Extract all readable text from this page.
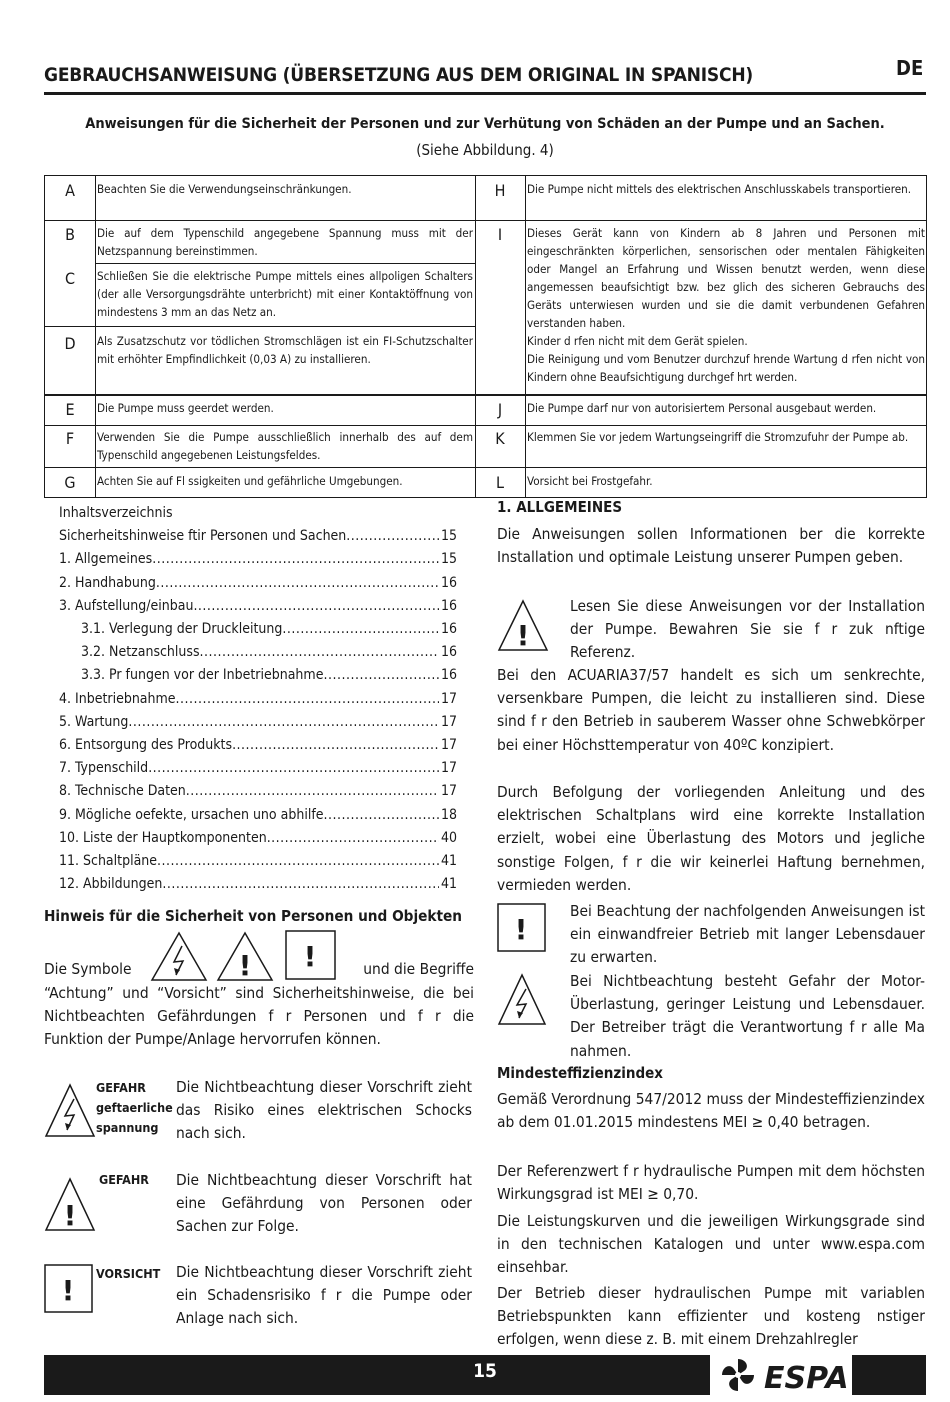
DE
GEBRAUCHSANWEISUNG (ÜBERSETZUNG AUS DEM ORIGINAL IN SPANISCH)
Anweisungen für die Sicherheit der Personen und zur Verhütung von Schäden an der Pumpe und an Sachen.
(Siehe Abbildung. 4)
A	Beachten Sie die Verwendungseinschränkungen.
B	Die auf dem Typenschild angegebene Spannung muss mit der Netzspannung bereinstimmen.
C	Schließen Sie die elektrische Pumpe mittels eines allpoligen Schalters (der alle Versorgungsdrähte unterbricht) mit einer Kontaktöffnung von mindestens 3 mm an das Netz an.
D	Als Zusatzschutz vor tödlichen Stromschlägen ist ein FI-Schutzschalter mit erhöhter Empfindlichkeit (0,03 A) zu installieren.
E	Die Pumpe muss geerdet werden.
F	Verwenden Sie die Pumpe ausschließlich innerhalb des auf dem Typenschild angegebenen Leistungsfeldes.
G	Achten Sie auf Fl ssigkeiten und gefährliche Umgebungen.
H	Die Pumpe nicht mittels des elektrischen Anschlusskabels transportieren.
I	Dieses Gerät kann von Kindern ab 8 Jahren und Personen mit eingeschränkten körperlichen, sensorischen oder mentalen Fähigkeiten oder Mangel an Erfahrung und Wissen benutzt werden, wenn diese angemessen beaufsichtigt bzw. bez glich des sicheren Gebrauchs des Geräts unterwiesen wurden und sie die damit verbundenen Gefahren verstanden haben.
Kinder d rfen nicht mit dem Gerät spielen.
Die Reinigung und vom Benutzer durchzuf hrende Wartung d rfen nicht von Kindern ohne Beaufsichtigung durchgef hrt werden.
J	Die Pumpe darf nur von autorisiertem Personal ausgebaut werden.
K	Klemmen Sie vor jedem Wartungseingriff die Stromzufuhr der Pumpe ab.
L	Vorsicht bei Frostgefahr.
Inhaltsverzeichnis
Sicherheitshinweise ftir Personen und Sachen .....	15
1. Allgemeines .....	15
2. Handhabung .....	16
3. Aufstellung/einbau .....	16
3.1. Verlegung der Druckleitung .....	16
3.2. Netzanschluss .....	16
3.3. Pr fungen vor der Inbetriebnahme .....	16
4. Inbetriebnahme .....	17
5. Wartung .....	17
6. Entsorgung des Produkts .....	17
7. Typenschild .....	17
8. Technische Daten .....	17
9. Mögliche oefekte, ursachen uno abhilfe .....	18
10. Liste der Hauptkomponenten .....	40
11. Schaltpläne .....	41
12. Abbildungen .....	41
Hinweis für die Sicherheit von Personen und Objekten
Die Symbole	! !	und die Begriffe
“Achtung” und “Vorsicht” sind Sicherheitshinweise, die bei Nichtbeachten Gefährdungen f r Personen und f r die Funktion der Pumpe/Anlage hervorrufen können.
GEFAHR
geftaerliche
spannung
Die Nichtbeachtung dieser Vorschrift zieht das Risiko eines elektrischen Schocks nach sich.
!
GEFAHR Die Nichtbeachtung dieser Vorschrift hat eine Gefährdung von Personen oder Sachen zur Folge.
!
VORSICHT Die Nichtbeachtung dieser Vorschrift zieht ein Schadensrisiko f r die Pumpe oder Anlage nach sich.
1. ALLGEMEINES
Die Anweisungen sollen Informationen ber die korrekte Installation und optimale Leistung unserer Pumpen geben.
!
Lesen Sie diese Anweisungen vor der Installation der Pumpe. Bewahren Sie sie f r zuk nftige Referenz.
Bei den ACUARIA37/57 handelt es sich um senkrechte, versenkbare Pumpen, die leicht zu installieren sind. Diese sind f r den Betrieb in sauberem Wasser ohne Schwebkörper bei einer Höchsttemperatur von 40ºC konzipiert.
Durch Befolgung der vorliegenden Anleitung und des elektrischen Schaltplans wird eine korrekte Installation erzielt, wobei eine Überlastung des Motors und jegliche sonstige Folgen, f r die wir keinerlei Haftung bernehmen, vermieden werden.
!
Bei Beachtung der nachfolgenden Anweisungen ist ein einwandfreier Betrieb mit langer Lebensdauer zu erwarten.
Bei Nichtbeachtung besteht Gefahr der Motor-Überlastung, geringer Leistung und Lebensdauer. Der Betreiber trägt die Verantwortung f r alle Ma nahmen.
Mindesteffizienzindex
Gemäß Verordnung 547/2012 muss der Mindesteffizienzindex ab dem 01.01.2015 mindestens MEI ≥ 0,40 betragen.
Der Referenzwert f r hydraulische Pumpen mit dem höchsten Wirkungsgrad ist MEI ≥ 0,70.
Die Leistungskurven und die jeweiligen Wirkungsgrade sind in den technischen Katalogen und unter www.espa.com einsehbar.
Der Betrieb dieser hydraulischen Pumpe mit variablen Betriebspunkten kann effizienter und kosteng nstiger erfolgen, wenn diese z. B. mit einem Drehzahlregler
15	ESPA
